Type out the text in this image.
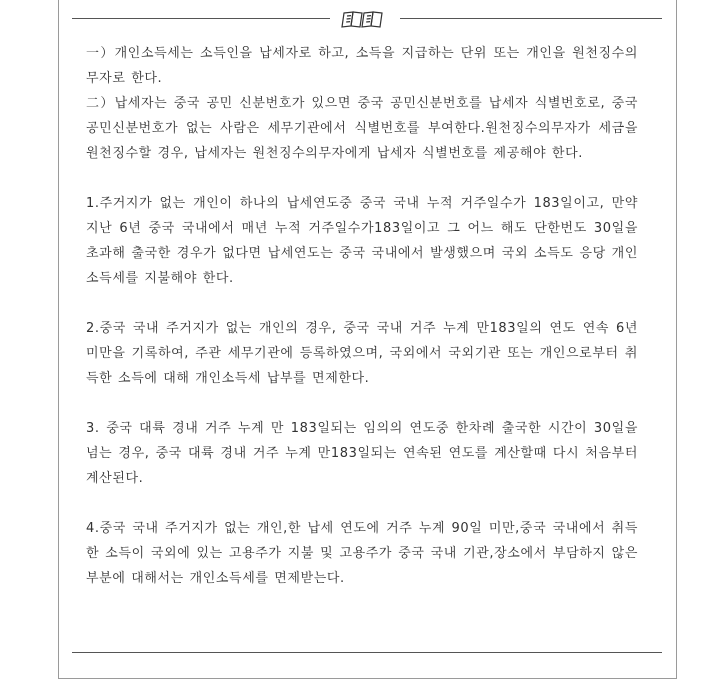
一）개인소득세는 소득인을 납세자로 하고, 소득을 지급하는 단위 또는 개인을 원천징수의무자로 한다.

二）납세자는 중국 공민 신분번호가 있으면 중국 공민신분번호를 납세자 식별번호로, 중국 공민신분번호가 없는 사람은 세무기관에서 식별번호를 부여한다.원천징수의무자가 세금을 원천징수할 경우, 납세자는 원천징수의무자에게 납세자 식별번호를 제공해야 한다.

1.주거지가 없는 개인이 하나의 납세연도중 중국 국내 누적 거주일수가 183일이고, 만약 지난 6년 중국 국내에서 매년 누적 거주일수가183일이고 그 어느 해도 단한번도 30일을 초과해 출국한 경우가 없다면 납세연도는 중국 국내에서 발생했으며 국외 소득도 응당 개인소득세를 지불해야 한다.

2.중국 국내 주거지가 없는 개인의 경우, 중국 국내 거주 누계 만183일의 연도 연속 6년 미만을 기록하여, 주관 세무기관에 등록하였으며, 국외에서 국외기관 또는 개인으로부터 취득한 소득에 대해 개인소득세 납부를 면제한다.

3. 중국 대륙 경내 거주 누계 만 183일되는 임의의 연도중 한차례 출국한 시간이 30일을 넘는 경우, 중국 대륙 경내 거주 누계 만183일되는 연속된 연도를 계산할때 다시 처음부터 계산된다.

4.중국 국내 주거지가 없는 개인,한 납세 연도에 거주 누계 90일 미만,중국 국내에서 취득한 소득이 국외에 있는 고용주가 지불 및 고용주가 중국 국내 기관,장소에서 부담하지 않은 부분에 대해서는 개인소득세를 면제받는다.
